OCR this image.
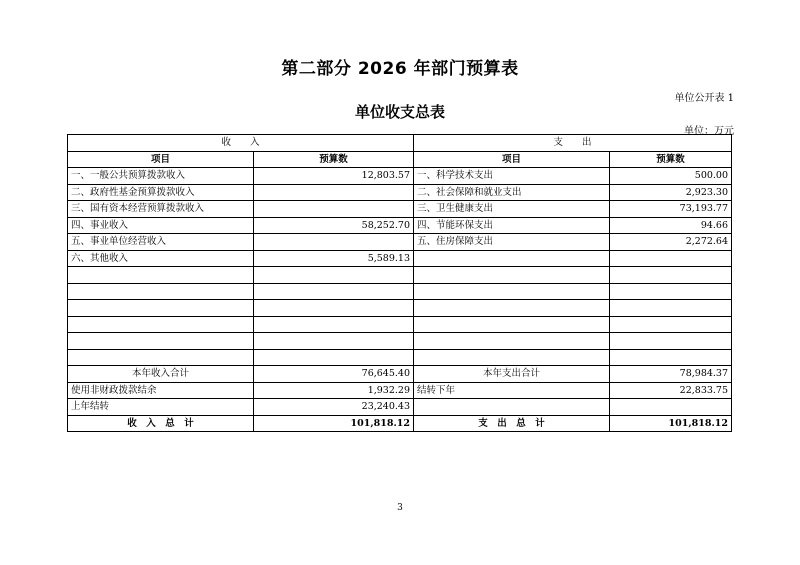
第二部分 2026 年部门预算表
单位公开表 1
单位收支总表
单位：万元
收　　入		支　　出	
项目	预算数	项目	预算数
一、一般公共预算拨款收入	12,803.57	一、科学技术支出	500.00
二、政府性基金预算拨款收入		二、社会保障和就业支出	2,923.30
三、国有资本经营预算拨款收入		三、卫生健康支出	73,193.77
四、事业收入	58,252.70	四、节能环保支出	94.66
五、事业单位经营收入		五、住房保障支出	2,272.64
六、其他收入	5,589.13		

本年收入合计	76,645.40	本年支出合计	78,984.37
使用非财政拨款结余	1,932.29	结转下年	22,833.75
上年结转	23,240.43		
收　入　总　计	101,818.12	支　出　总　计	101,818.12
3
